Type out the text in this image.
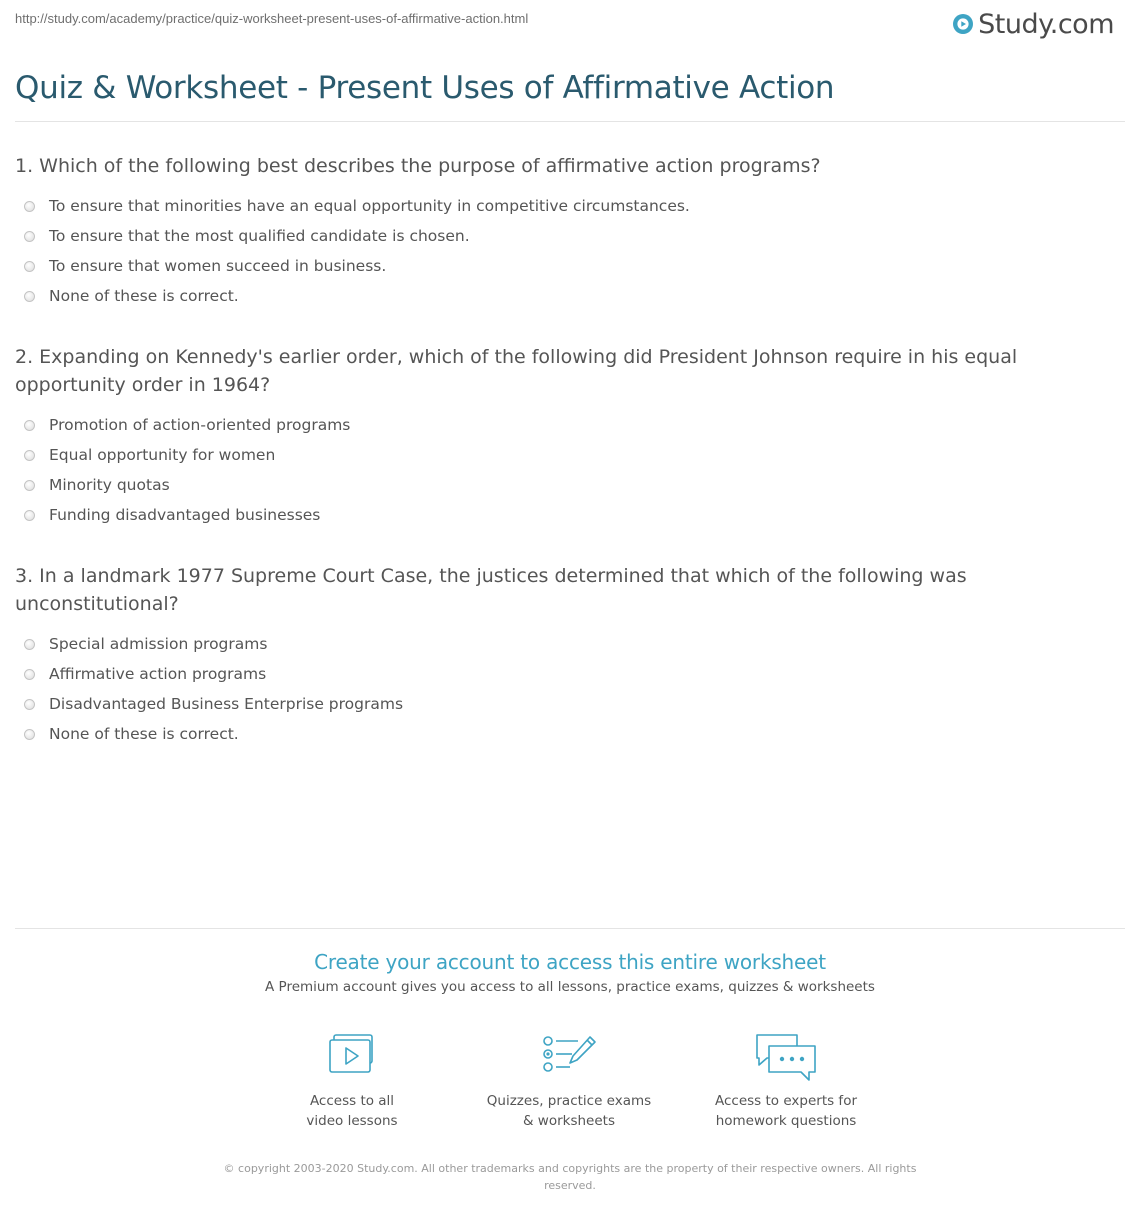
http://study.com/academy/practice/quiz-worksheet-present-uses-of-affirmative-action.html	Study.com
Quiz & Worksheet - Present Uses of Affirmative Action
1. Which of the following best describes the purpose of affirmative action programs?
To ensure that minorities have an equal opportunity in competitive circumstances.
To ensure that the most qualified candidate is chosen.
To ensure that women succeed in business.
None of these is correct.
2. Expanding on Kennedy's earlier order, which of the following did President Johnson require in his equal opportunity order in 1964?
Promotion of action-oriented programs
Equal opportunity for women
Minority quotas
Funding disadvantaged businesses
3. In a landmark 1977 Supreme Court Case, the justices determined that which of the following was unconstitutional?
Special admission programs
Affirmative action programs
Disadvantaged Business Enterprise programs
None of these is correct.
Create your account to access this entire worksheet
A Premium account gives you access to all lessons, practice exams, quizzes & worksheets
Access to all
video lessons
Quizzes, practice exams
& worksheets
Access to experts for
homework questions
© copyright 2003-2020 Study.com. All other trademarks and copyrights are the property of their respective owners. All rights reserved.
